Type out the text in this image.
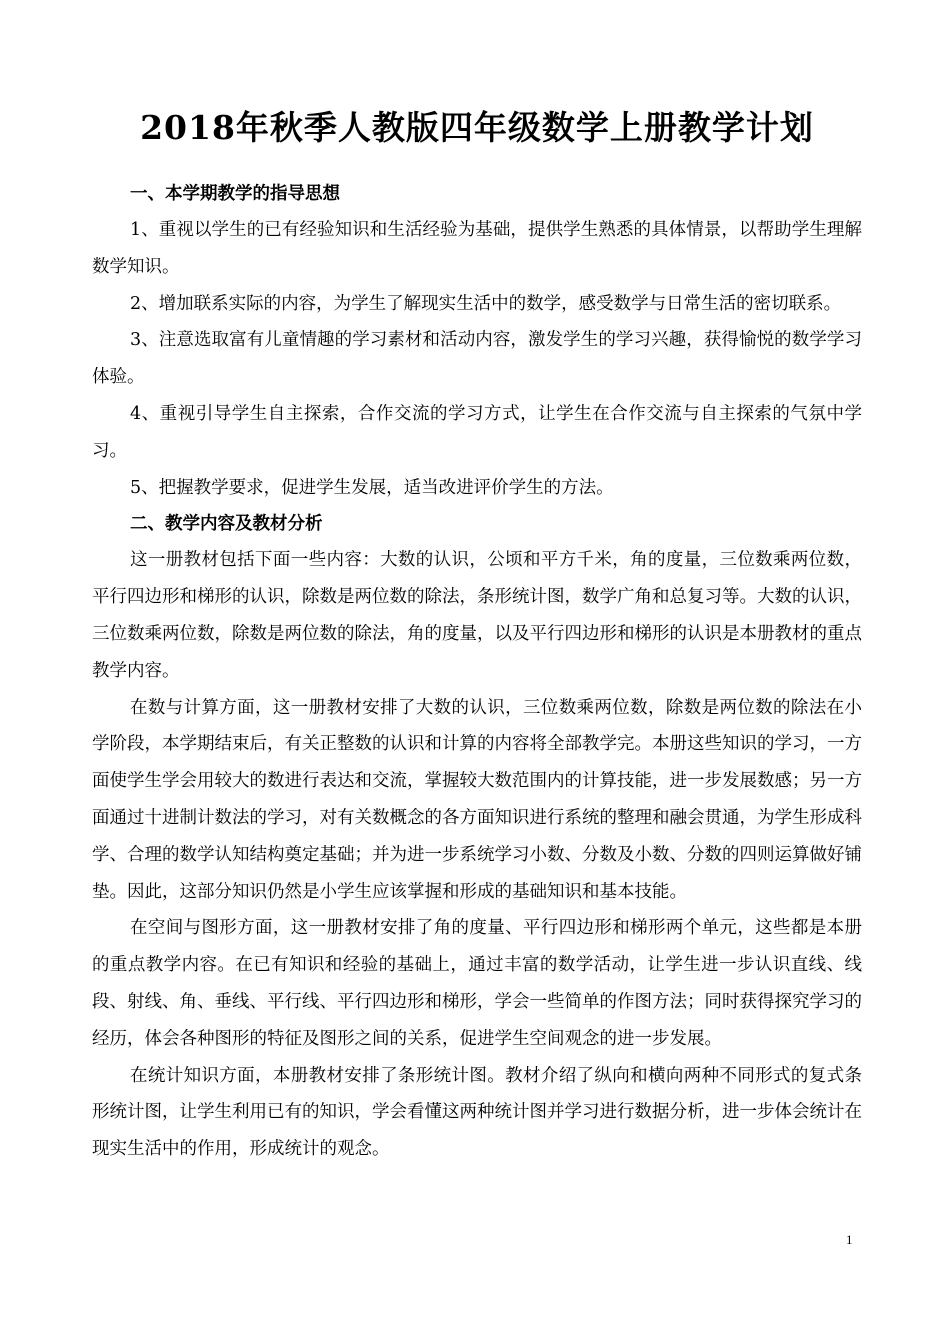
2018年秋季人教版四年级数学上册教学计划

一、本学期教学的指导思想

1、重视以学生的已有经验知识和生活经验为基础，提供学生熟悉的具体情景，以帮助学生理解数学知识。

2、增加联系实际的内容，为学生了解现实生活中的数学，感受数学与日常生活的密切联系。

3、注意选取富有儿童情趣的学习素材和活动内容，激发学生的学习兴趣，获得愉悦的数学学习体验。

4、重视引导学生自主探索，合作交流的学习方式，让学生在合作交流与自主探索的气氛中学习。

5、把握教学要求，促进学生发展，适当改进评价学生的方法。

二、教学内容及教材分析

这一册教材包括下面一些内容：大数的认识，公顷和平方千米，角的度量，三位数乘两位数，平行四边形和梯形的认识，除数是两位数的除法，条形统计图，数学广角和总复习等。大数的认识，三位数乘两位数，除数是两位数的除法，角的度量，以及平行四边形和梯形的认识是本册教材的重点教学内容。

在数与计算方面，这一册教材安排了大数的认识，三位数乘两位数，除数是两位数的除法在小学阶段，本学期结束后，有关正整数的认识和计算的内容将全部教学完。本册这些知识的学习，一方面使学生学会用较大的数进行表达和交流，掌握较大数范围内的计算技能，进一步发展数感；另一方面通过十进制计数法的学习，对有关数概念的各方面知识进行系统的整理和融会贯通，为学生形成科学、合理的数学认知结构奠定基础；并为进一步系统学习小数、分数及小数、分数的四则运算做好铺垫。因此，这部分知识仍然是小学生应该掌握和形成的基础知识和基本技能。

在空间与图形方面，这一册教材安排了角的度量、平行四边形和梯形两个单元，这些都是本册的重点教学内容。在已有知识和经验的基础上，通过丰富的数学活动，让学生进一步认识直线、线段、射线、角、垂线、平行线、平行四边形和梯形，学会一些简单的作图方法；同时获得探究学习的经历，体会各种图形的特征及图形之间的关系，促进学生空间观念的进一步发展。

在统计知识方面，本册教材安排了条形统计图。教材介绍了纵向和横向两种不同形式的复式条形统计图，让学生利用已有的知识，学会看懂这两种统计图并学习进行数据分析，进一步体会统计在现实生活中的作用，形成统计的观念。

1
